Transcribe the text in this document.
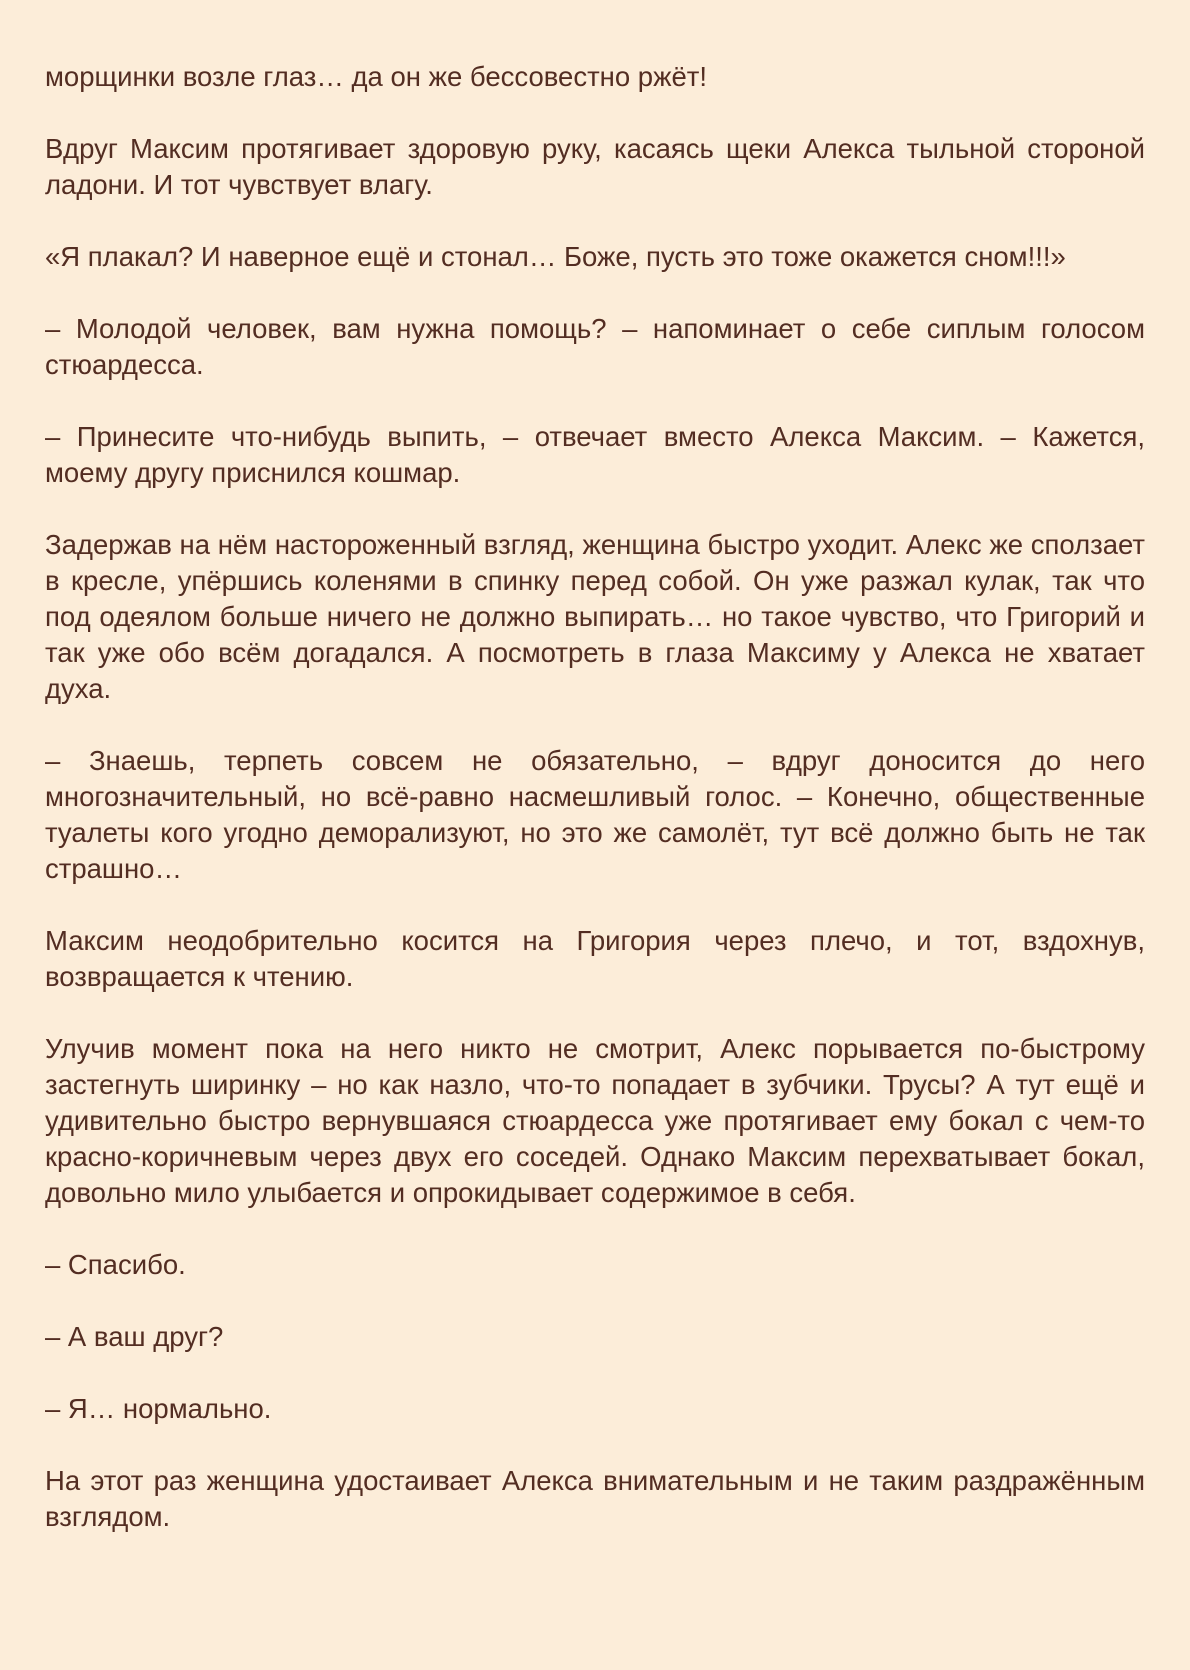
морщинки возле глаз… да он же бессовестно ржёт!

Вдруг Максим протягивает здоровую руку, касаясь щеки Алекса тыльной стороной ладони. И тот чувствует влагу.

«Я плакал? И наверное ещё и стонал… Боже, пусть это тоже окажется сном!!!»

– Молодой человек, вам нужна помощь? – напоминает о себе сиплым голосом стюардесса.

– Принесите что-нибудь выпить, – отвечает вместо Алекса Максим. – Кажется, моему другу приснился кошмар.

Задержав на нём настороженный взгляд, женщина быстро уходит. Алекс же сползает в кресле, упёршись коленями в спинку перед собой. Он уже разжал кулак, так что под одеялом больше ничего не должно выпирать… но такое чувство, что Григорий и так уже обо всём догадался. А посмотреть в глаза Максиму у Алекса не хватает духа.

– Знаешь, терпеть совсем не обязательно, – вдруг доносится до него многозначительный, но всё-равно насмешливый голос. – Конечно, общественные туалеты кого угодно деморализуют, но это же самолёт, тут всё должно быть не так страшно…

Максим неодобрительно косится на Григория через плечо, и тот, вздохнув, возвращается к чтению.

Улучив момент пока на него никто не смотрит, Алекс порывается по-быстрому застегнуть ширинку – но как назло, что-то попадает в зубчики. Трусы? А тут ещё и удивительно быстро вернувшаяся стюардесса уже протягивает ему бокал с чем-то красно-коричневым через двух его соседей. Однако Максим перехватывает бокал, довольно мило улыбается и опрокидывает содержимое в себя.

– Спасибо.

– А ваш друг?

– Я… нормально.

На этот раз женщина удостаивает Алекса внимательным и не таким раздражённым взглядом.
